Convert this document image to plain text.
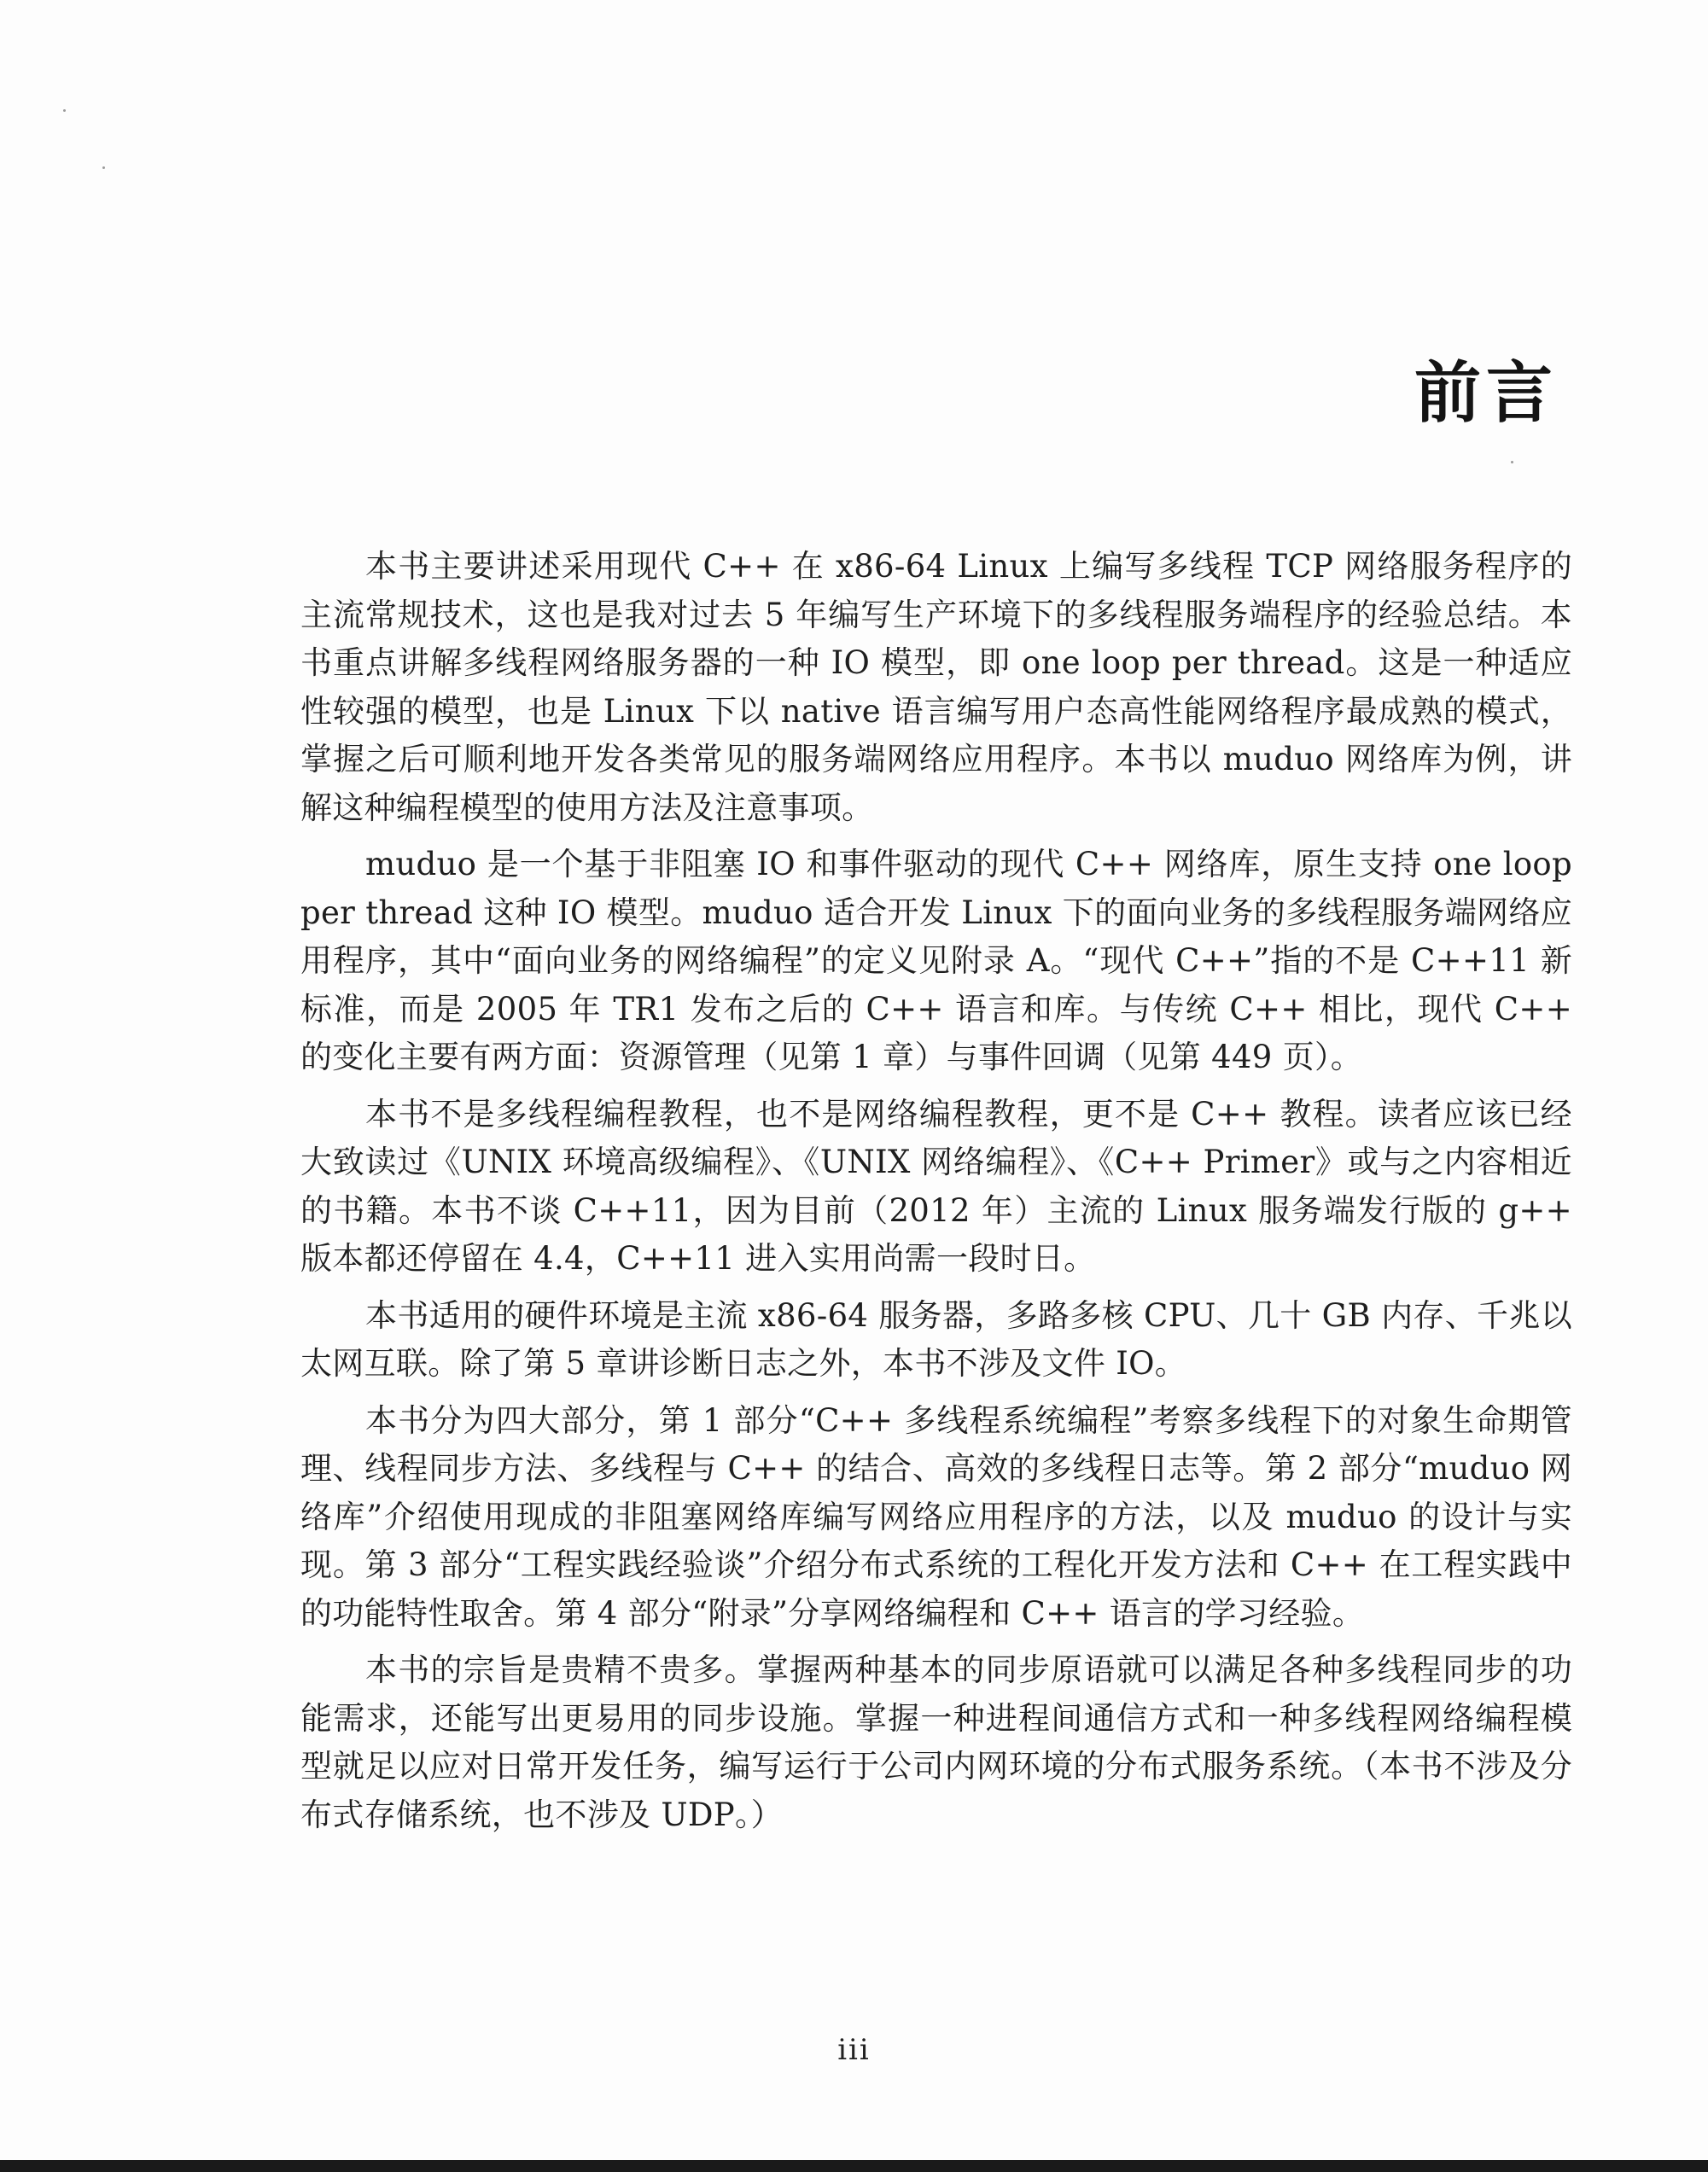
前言

本书主要讲述采用现代 C++ 在 x86-64 Linux 上编写多线程 TCP 网络服务程序的主流常规技术，这也是我对过去 5 年编写生产环境下的多线程服务端程序的经验总结。本书重点讲解多线程网络服务器的一种 IO 模型，即 one loop per thread。这是一种适应性较强的模型，也是 Linux 下以 native 语言编写用户态高性能网络程序最成熟的模式，掌握之后可顺利地开发各类常见的服务端网络应用程序。本书以 muduo 网络库为例，讲解这种编程模型的使用方法及注意事项。

muduo 是一个基于非阻塞 IO 和事件驱动的现代 C++ 网络库，原生支持 one loop per thread 这种 IO 模型。muduo 适合开发 Linux 下的面向业务的多线程服务端网络应用程序，其中“面向业务的网络编程”的定义见附录 A。“现代 C++”指的不是 C++11 新标准，而是 2005 年 TR1 发布之后的 C++ 语言和库。与传统 C++ 相比，现代 C++ 的变化主要有两方面：资源管理（见第 1 章）与事件回调（见第 449 页）。

本书不是多线程编程教程，也不是网络编程教程，更不是 C++ 教程。读者应该已经大致读过《UNIX 环境高级编程》、《UNIX 网络编程》、《C++ Primer》或与之内容相近的书籍。本书不谈 C++11，因为目前（2012 年）主流的 Linux 服务端发行版的 g++ 版本都还停留在 4.4，C++11 进入实用尚需一段时日。

本书适用的硬件环境是主流 x86-64 服务器，多路多核 CPU、几十 GB 内存、千兆以太网互联。除了第 5 章讲诊断日志之外，本书不涉及文件 IO。

本书分为四大部分，第 1 部分“C++ 多线程系统编程”考察多线程下的对象生命期管理、线程同步方法、多线程与 C++ 的结合、高效的多线程日志等。第 2 部分“muduo 网络库”介绍使用现成的非阻塞网络库编写网络应用程序的方法，以及 muduo 的设计与实现。第 3 部分“工程实践经验谈”介绍分布式系统的工程化开发方法和 C++ 在工程实践中的功能特性取舍。第 4 部分“附录”分享网络编程和 C++ 语言的学习经验。

本书的宗旨是贵精不贵多。掌握两种基本的同步原语就可以满足各种多线程同步的功能需求，还能写出更易用的同步设施。掌握一种进程间通信方式和一种多线程网络编程模型就足以应对日常开发任务，编写运行于公司内网环境的分布式服务系统。（本书不涉及分布式存储系统，也不涉及 UDP。）

iii
